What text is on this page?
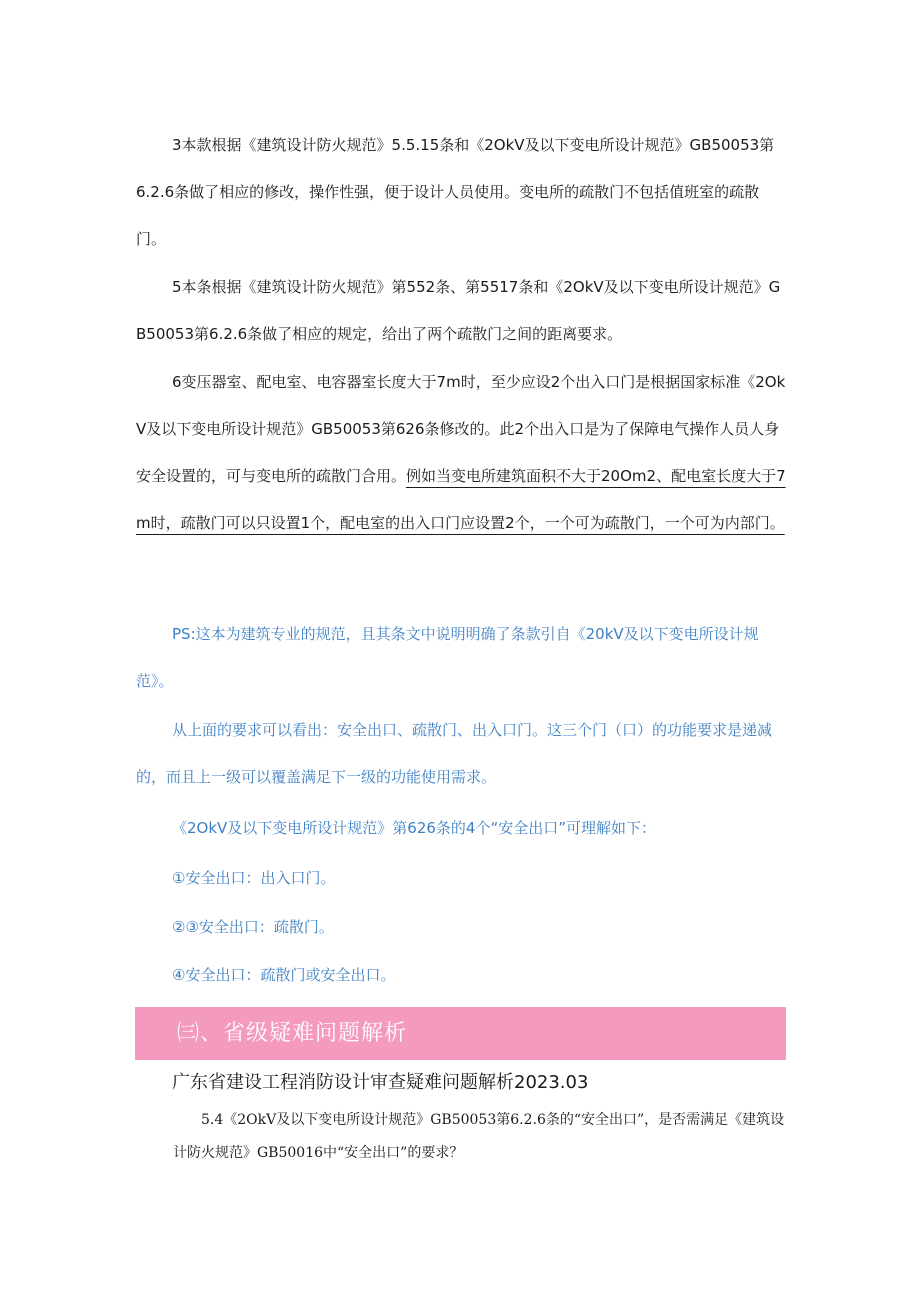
3本款根据《建筑设计防火规范》5.5.15条和《2OkV及以下变电所设计规范》GB50053第6.2.6条做了相应的修改，操作性强，便于设计人员使用。变电所的疏散门不包括值班室的疏散门。

5本条根据《建筑设计防火规范》第552条、第5517条和《2OkV及以下变电所设计规范》GB50053第6.2.6条做了相应的规定，给出了两个疏散门之间的距离要求。

6变压器室、配电室、电容器室长度大于7m时，至少应设2个出入口门是根据国家标准《2OkV及以下变电所设计规范》GB50053第626条修改的。此2个出入口是为了保障电气操作人员人身安全设置的，可与变电所的疏散门合用。例如当变电所建筑面积不大于20Om2、配电室长度大于7m时，疏散门可以只设置1个，配电室的出入口门应设置2个，一个可为疏散门，一个可为内部门。

PS:这本为建筑专业的规范，且其条文中说明明确了条款引自《20kV及以下变电所设计规范》。

从上面的要求可以看出：安全出口、疏散门、出入口门。这三个门（口）的功能要求是递减的，而且上一级可以覆盖满足下一级的功能使用需求。

《2OkV及以下变电所设计规范》第626条的4个“安全出口”可理解如下：

①安全出口：出入口门。

②③安全出口：疏散门。

④安全出口：疏散门或安全出口。

㈢、省级疑难问题解析
广东省建设工程消防设计审查疑难问题解析2023.03

5.4《2OkV及以下变电所设计规范》GB50053第6.2.6条的“安全出口”，是否需满足《建筑设计防火规范》GB50016中“安全出口”的要求？
